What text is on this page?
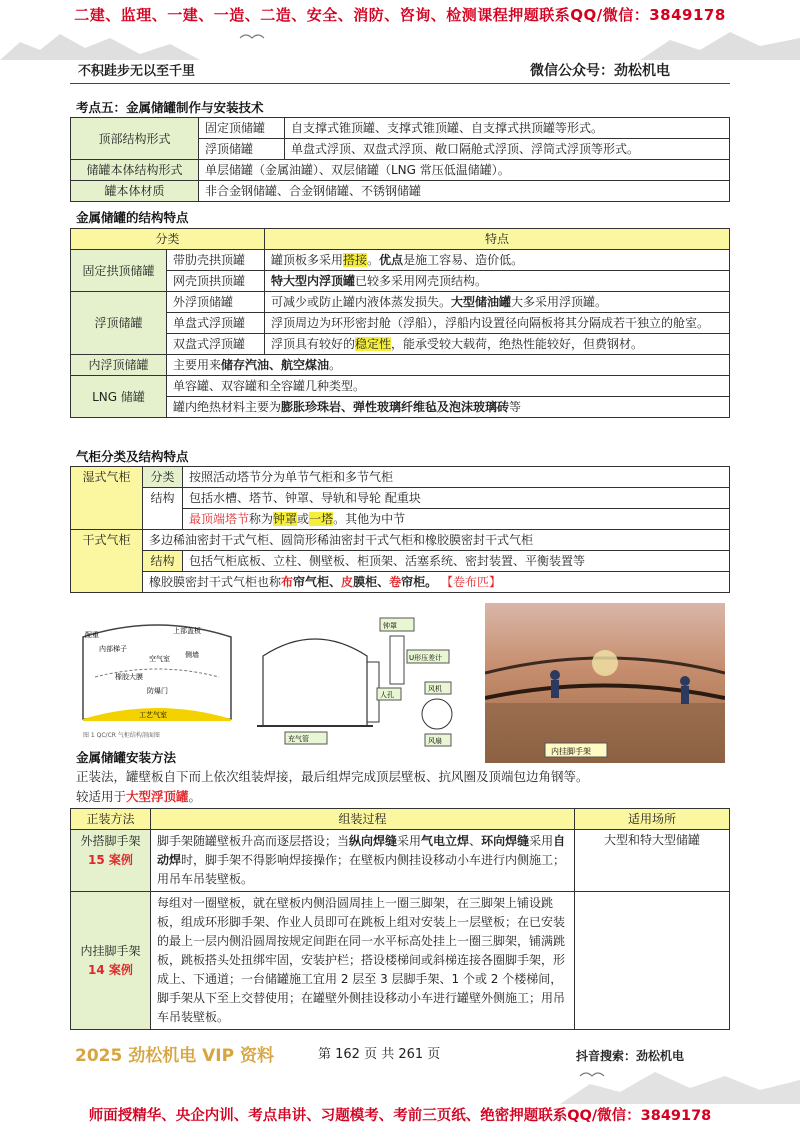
二建、监理、一建、一造、二造、安全、消防、咨询、检测课程押题联系QQ/微信：3849178
不积跬步无以至千里	微信公众号：劲松机电
考点五：金属储罐制作与安装技术
顶部结构形式	固定顶储罐	自支撑式锥顶罐、支撑式锥顶罐、自支撑式拱顶罐等形式。
	浮顶储罐	单盘式浮顶、双盘式浮顶、敞口隔舱式浮顶、浮筒式浮顶等形式。
储罐本体结构形式	单层储罐（金属油罐）、双层储罐（LNG 常压低温储罐）。	
罐本体材质	非合金钢储罐、合金钢储罐、不锈钢储罐	
金属储罐的结构特点
分类		特点
固定拱顶储罐	带肋壳拱顶罐	罐顶板多采用搭接。优点是施工容易、造价低。
	网壳顶拱顶罐	特大型内浮顶罐已较多采用网壳顶结构。
浮顶储罐	外浮顶储罐	可减少或防止罐内液体蒸发损失。大型储油罐大多采用浮顶罐。
	单盘式浮顶罐	浮顶周边为环形密封舱（浮船），浮船内设置径向隔板将其分隔成若干独立的舱室。
	双盘式浮顶罐	浮顶具有较好的稳定性，能承受较大载荷，绝热性能较好，但费钢材。
内浮顶储罐	主要用来储存汽油、航空煤油。	
LNG 储罐	单容罐、双容罐和全容罐几种类型。	
	罐内绝热材料主要为膨胀珍珠岩、弹性玻璃纤维毡及泡沫玻璃砖等	
气柜分类及结构特点
湿式气柜	分类	按照活动塔节分为单节气柜和多节气柜
	结构	包括水槽、塔节、钟罩、导轨和导轮 配重块
		最顶端塔节称为钟罩或一塔。其他为中节
干式气柜	多边稀油密封干式气柜、圆筒形稀油密封干式气柜和橡胶膜密封干式气柜	
	结构	包括气柜底板、立柱、侧壁板、柜顶架、活塞系统、密封装置、平衡装置等
	橡胶膜密封干式气柜也称布帘气柜、皮膜柜、卷帘柜。 【卷布匹】	
配重
内部梯子
上部盖板
空气室 侧墙
橡胶大膜
防爆门
工艺气室
图 1 QC/CR 气柜结构剖面图
钟罩
U形压差计
人孔
风机
充气管	风扇
内挂脚手架
金属储罐安装方法
正装法，罐壁板自下而上依次组装焊接，最后组焊完成顶层壁板、抗风圈及顶端包边角钢等。
较适用于大型浮顶罐。
正装方法	组装过程	适用场所

外搭脚手架
15 案例	脚手架随罐壁板升高而逐层搭设；当纵向焊缝采用气电立焊、环向焊缝采用自动焊时，脚手架不得影响焊接操作；在壁板内侧挂设移动小车进行内侧施工；用吊车吊装壁板。	大型和特大型储罐

内挂脚手架
14 案例	每组对一圈壁板，就在壁板内侧沿圆周挂上一圈三脚架，在三脚架上铺设跳板，组成环形脚手架、作业人员即可在跳板上组对安装上一层壁板；在已安装的最上一层内侧沿圆周按规定间距在同一水平标高处挂上一圈三脚架，铺满跳板，跳板搭头处扭绑牢固，安装护栏；搭设楼梯间或斜梯连接各圈脚手架，形成上、下通道；一台储罐施工宜用 2 层至 3 层脚手架、1 个或 2 个楼梯间，脚手架从下至上交替使用；在罐壁外侧挂设移动小车进行罐壁外侧施工；用吊车吊装壁板。	
2025 劲松机电 VIP 资料	第 162 页 共 261 页	抖音搜索：劲松机电
师面授精华、央企内训、考点串讲、习题模考、考前三页纸、绝密押题联系QQ/微信：3849178
